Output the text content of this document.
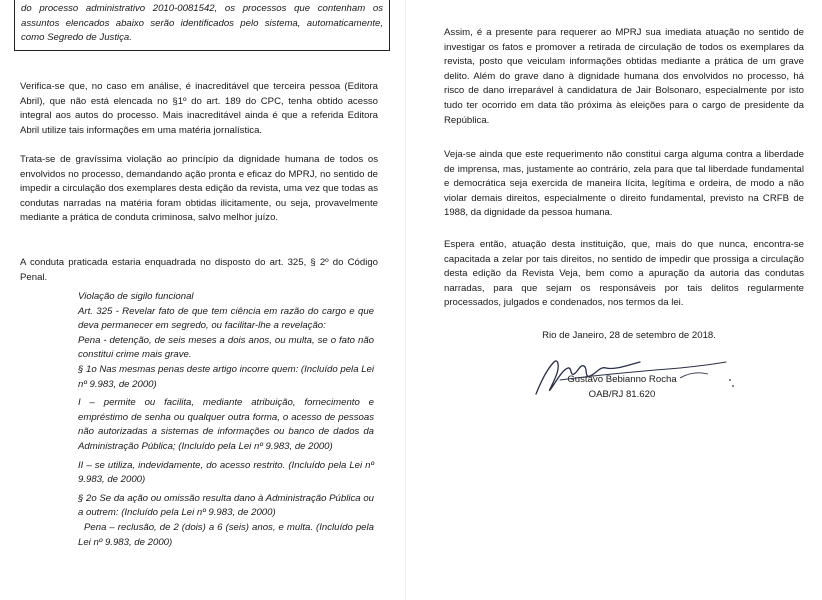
do processo administrativo 2010-0081542, os processos que contenham os assuntos elencados abaixo serão identificados pelo sistema, automaticamente, como Segredo de Justiça.

Verifica-se que, no caso em análise, é inacreditável que terceira pessoa (Editora Abril), que não está elencada no §1º do art. 189 do CPC, tenha obtido acesso integral aos autos do processo. Mais inacreditável ainda é que a referida Editora Abril utilize tais informações em uma matéria jornalística.

Trata-se de gravíssima violação ao princípio da dignidade humana de todos os envolvidos no processo, demandando ação pronta e eficaz do MPRJ, no sentido de impedir a circulação dos exemplares desta edição da revista, uma vez que todas as condutas narradas na matéria foram obtidas ilicitamente, ou seja, provavelmente mediante a prática de conduta criminosa, salvo melhor juízo.

A conduta praticada estaria enquadrada no disposto do art. 325, § 2º do Código Penal.

Violação de sigilo funcional

Art. 325 - Revelar fato de que tem ciência em razão do cargo e que deva permanecer em segredo, ou facilitar-lhe a revelação:

Pena - detenção, de seis meses a dois anos, ou multa, se o fato não constitui crime mais grave.

§ 1o Nas mesmas penas deste artigo incorre quem: (Incluído pela Lei nº 9.983, de 2000)

I – permite ou facilita, mediante atribuição, fornecimento e empréstimo de senha ou qualquer outra forma, o acesso de pessoas não autorizadas a sistemas de informações ou banco de dados da Administração Pública; (Incluído pela Lei nº 9.983, de 2000)

II – se utiliza, indevidamente, do acesso restrito. (Incluído pela Lei nº 9.983, de 2000)

§ 2o Se da ação ou omissão resulta dano à Administração Pública ou a outrem: (Incluído pela Lei nº 9.983, de 2000)

Pena – reclusão, de 2 (dois) a 6 (seis) anos, e multa. (Incluído pela Lei nº 9.983, de 2000)

Assim, é a presente para requerer ao MPRJ sua imediata atuação no sentido de investigar os fatos e promover a retirada de circulação de todos os exemplares da revista, posto que veiculam informações obtidas mediante a prática de um grave delito. Além do grave dano à dignidade humana dos envolvidos no processo, há risco de dano irreparável à candidatura de Jair Bolsonaro, especialmente por isto tudo ter ocorrido em data tão próxima às eleições para o cargo de presidente da República.

Veja-se ainda que este requerimento não constitui carga alguma contra a liberdade de imprensa, mas, justamente ao contrário, zela para que tal liberdade fundamental e democrática seja exercida de maneira lícita, legítima e ordeira, de modo a não violar demais direitos, especialmente o direito fundamental, previsto na CRFB de 1988, da dignidade da pessoa humana.

Espera então, atuação desta instituição, que, mais do que nunca, encontra-se capacitada a zelar por tais direitos, no sentido de impedir que prossiga a circulação desta edição da Revista Veja, bem como a apuração da autoria das condutas narradas, para que sejam os responsáveis por tais delitos regularmente processados, julgados e condenados, nos termos da lei.

Rio de Janeiro, 28 de setembro de 2018.

Gustavo Bebianno Rocha

OAB/RJ 81.620
